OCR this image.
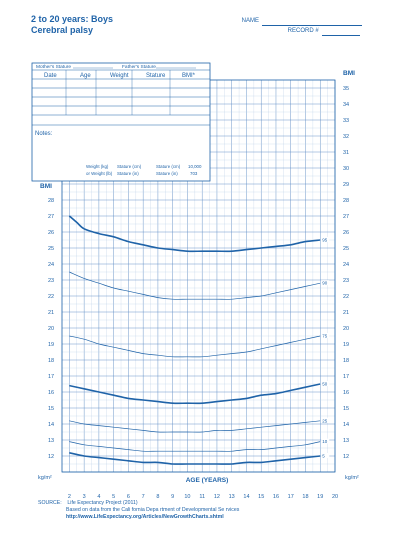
2 to 20 years: Boys
Cerebral palsy
NAME
RECORD #
Mother's Stature	Father's Stature
Date	Age	Weight	Stature	BMI*
Notes:
Weight (kg) Stature (cm)	Stature (cm) 10,000
or Weight (lb) Stature (in)	Stature (in)	703
BMI
BMI
kg/m²	kg/m²
12
13
14
15
16
17
18
19
20
21
22
23
24
25
26
27
28
29
30
31
32
33
34
35
12
13
14
15
16
17
18
19
20
21
22
23
24
25
26
27
28
2 3 4 5 6 7 8 9 10 11 12 13 14 15 16 17 18 19 20
AGE (YEARS)
95
90
75
50
25
10
5
SOURCE: Life Expectancy Project (2011)
Based on data from the Cali fornia Depa rtment of Developmental Se rvices
http://www.LifeExpectancy.org/Articles/NewGrowthCharts.shtml
